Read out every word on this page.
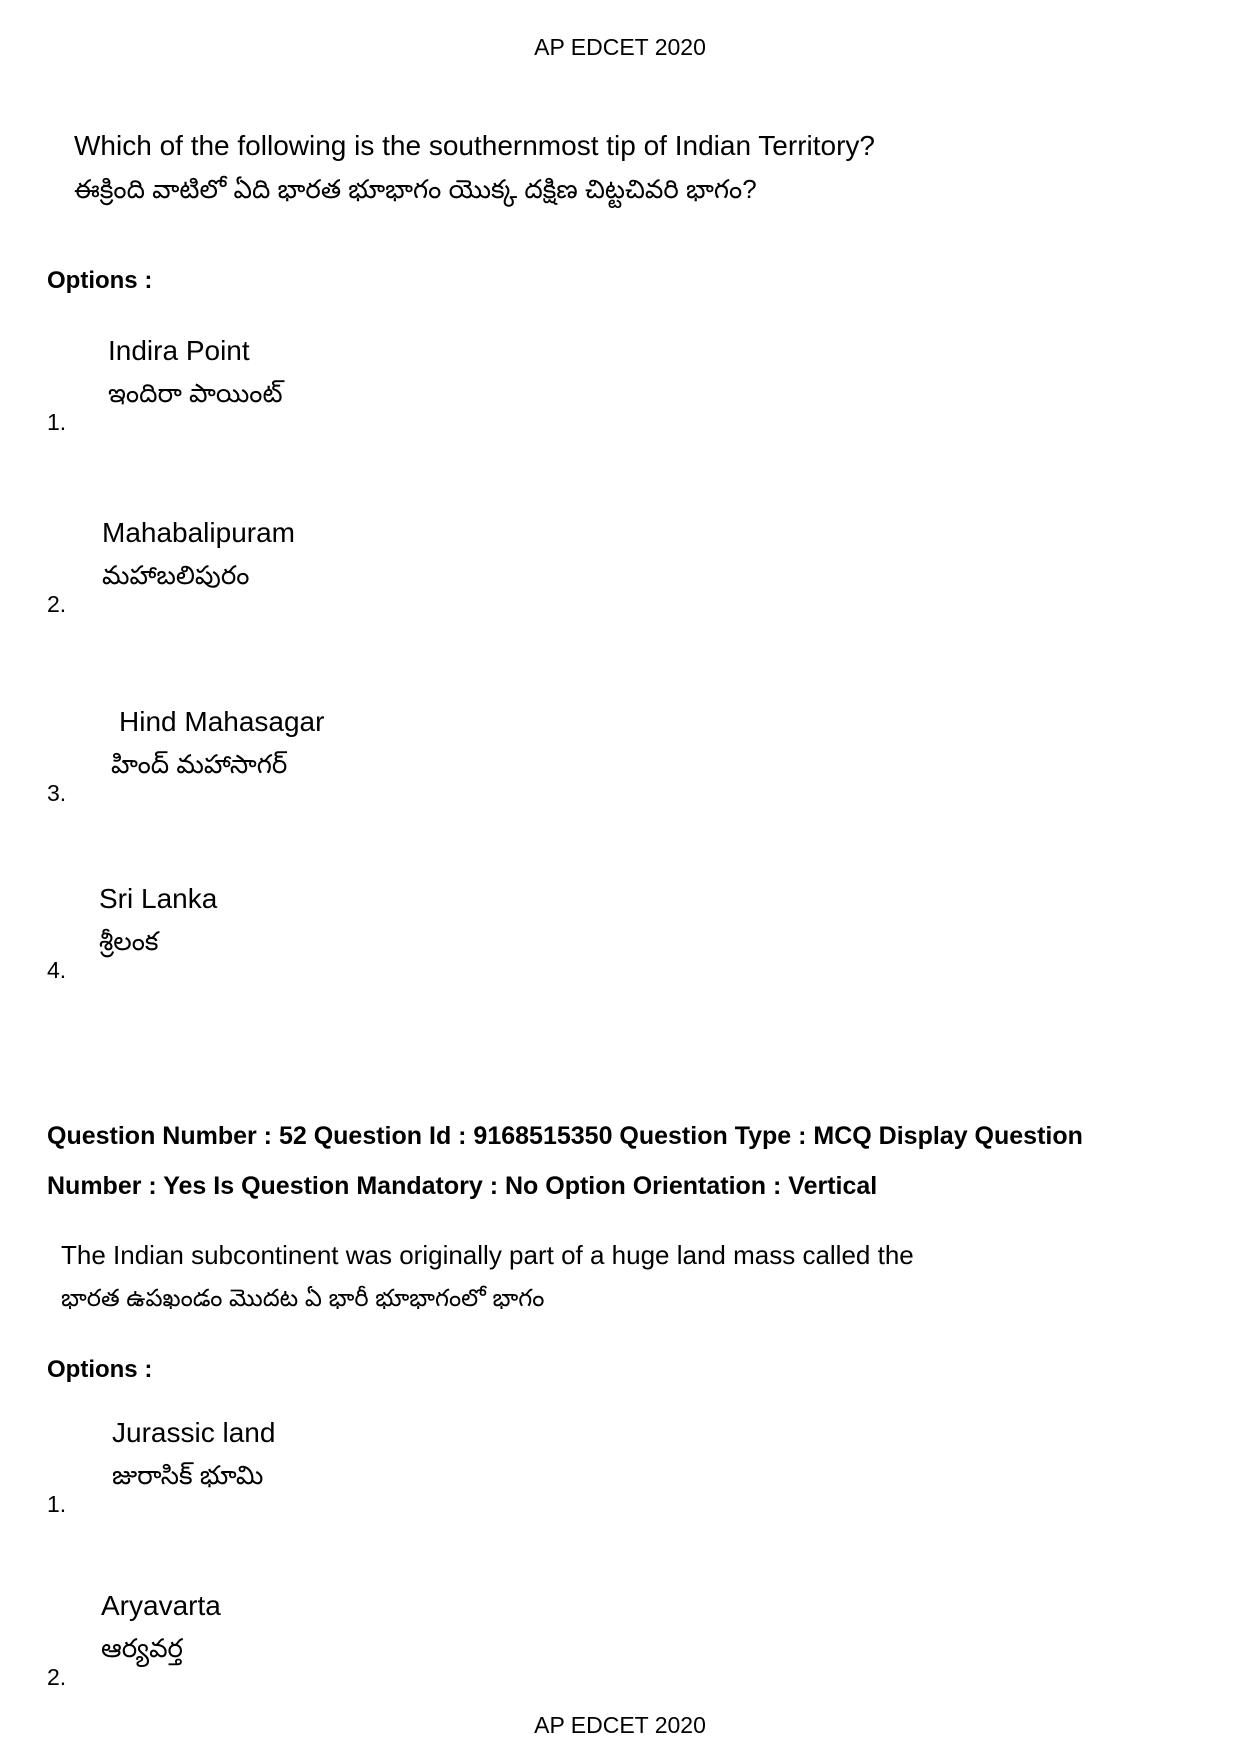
AP EDCET 2020
Which of the following is the southernmost tip of Indian Territory?
ఈక్రింది వాటిలో ఏది భారత భూభాగం యొక్క దక్షిణ చిట్టచివరి భాగం?
Options :
Indira Point
ఇందిరా పాయింట్
1.
Mahabalipuram
మహాబలిపురం
2.
Hind Mahasagar
హింద్ మహాసాగర్
3.
Sri Lanka
శ్రీలంక
4.
Question Number : 52 Question Id : 9168515350 Question Type : MCQ Display Question
Number : Yes Is Question Mandatory : No Option Orientation : Vertical
The Indian subcontinent was originally part of a huge land mass called the
భారత ఉపఖండం మొదట ఏ భారీ భూభాగంలో భాగం
Options :
Jurassic land
జురాసిక్ భూమి
1.
Aryavarta
ఆర్యవర్త
2.
AP EDCET 2020
